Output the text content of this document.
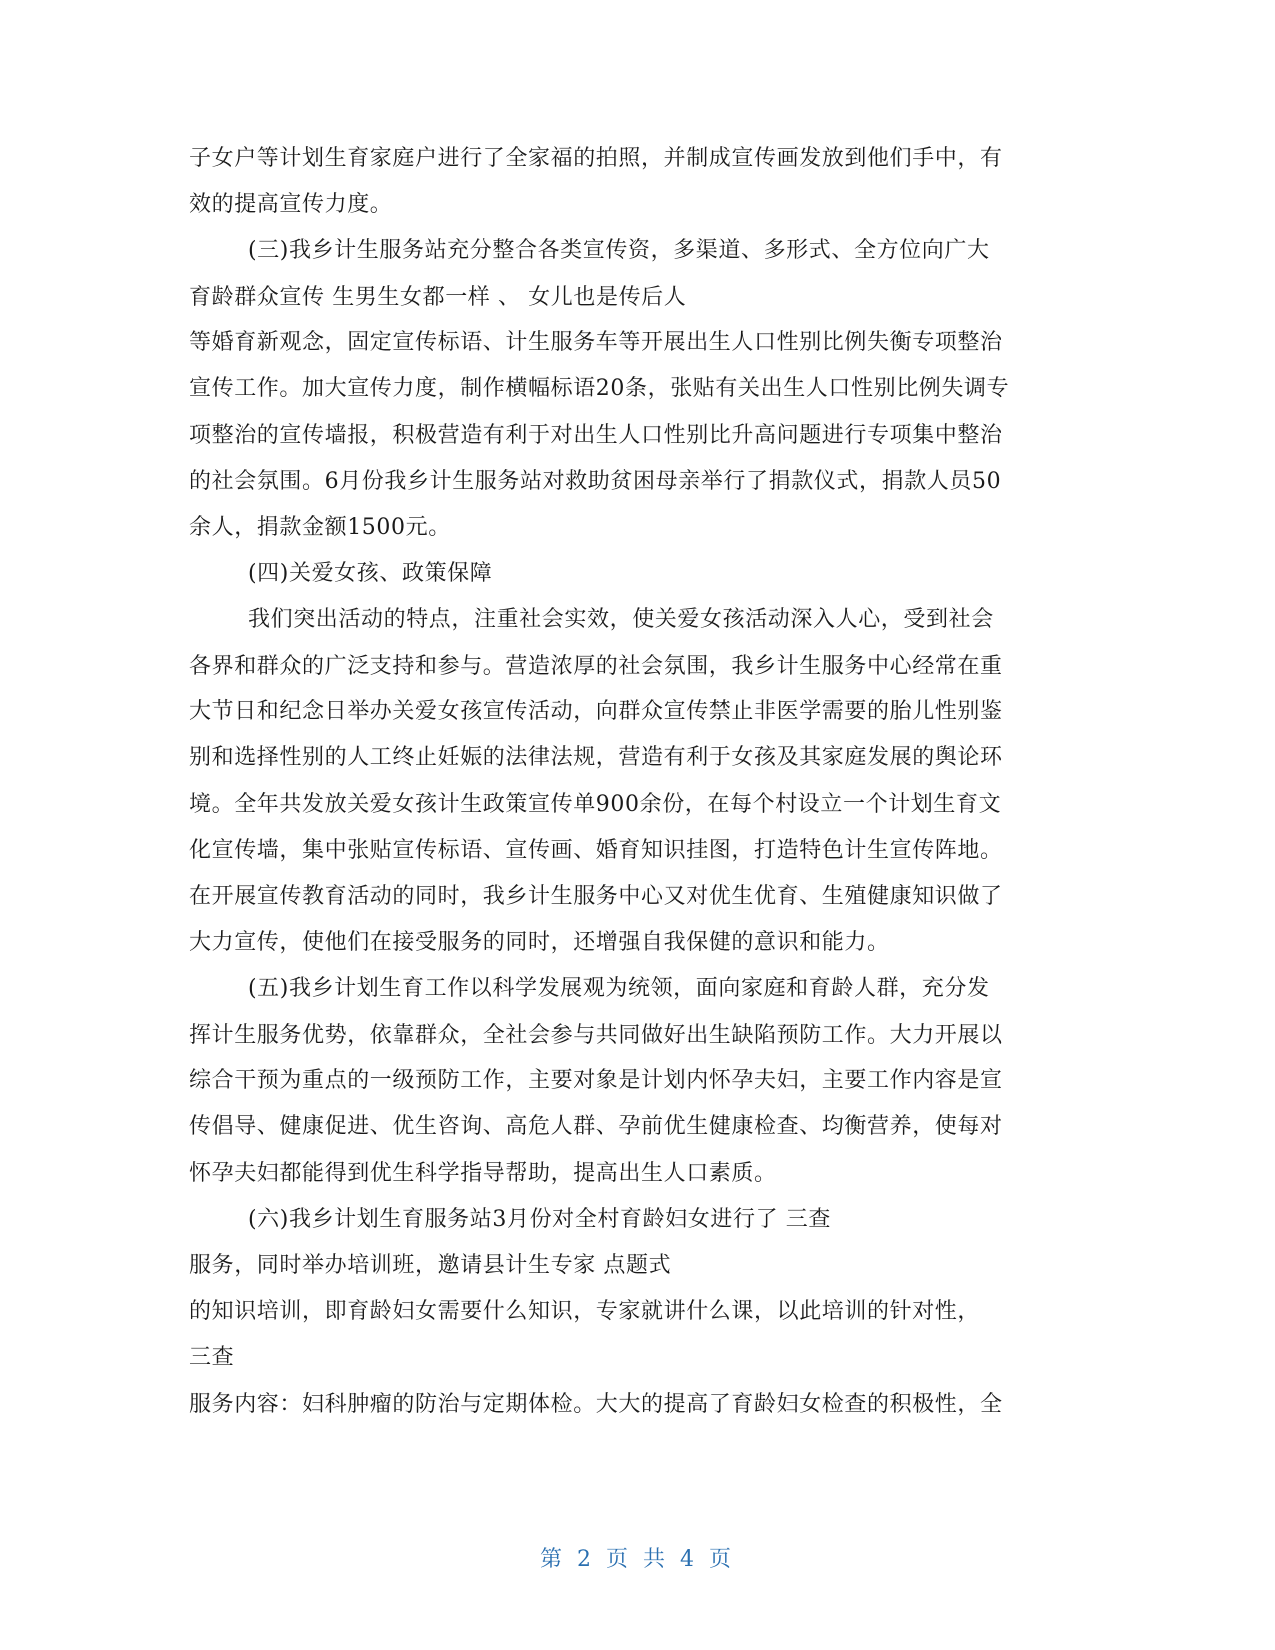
子女户等计划生育家庭户进行了全家福的拍照，并制成宣传画发放到他们手中，有
效的提高宣传力度。
(三)我乡计生服务站充分整合各类宣传资，多渠道、多形式、全方位向广大
育龄群众宣传 生男生女都一样 、 女儿也是传后人
等婚育新观念，固定宣传标语、计生服务车等开展出生人口性别比例失衡专项整治
宣传工作。加大宣传力度，制作横幅标语20条，张贴有关出生人口性别比例失调专
项整治的宣传墙报，积极营造有利于对出生人口性别比升高问题进行专项集中整治
的社会氛围。6月份我乡计生服务站对救助贫困母亲举行了捐款仪式，捐款人员50
余人，捐款金额1500元。
(四)关爱女孩、政策保障
我们突出活动的特点，注重社会实效，使关爱女孩活动深入人心，受到社会
各界和群众的广泛支持和参与。营造浓厚的社会氛围，我乡计生服务中心经常在重
大节日和纪念日举办关爱女孩宣传活动，向群众宣传禁止非医学需要的胎儿性别鉴
别和选择性别的人工终止妊娠的法律法规，营造有利于女孩及其家庭发展的舆论环
境。全年共发放关爱女孩计生政策宣传单900余份，在每个村设立一个计划生育文
化宣传墙，集中张贴宣传标语、宣传画、婚育知识挂图，打造特色计生宣传阵地。
在开展宣传教育活动的同时，我乡计生服务中心又对优生优育、生殖健康知识做了
大力宣传，使他们在接受服务的同时，还增强自我保健的意识和能力。
(五)我乡计划生育工作以科学发展观为统领，面向家庭和育龄人群，充分发
挥计生服务优势，依靠群众，全社会参与共同做好出生缺陷预防工作。大力开展以
综合干预为重点的一级预防工作，主要对象是计划内怀孕夫妇，主要工作内容是宣
传倡导、健康促进、优生咨询、高危人群、孕前优生健康检查、均衡营养，使每对
怀孕夫妇都能得到优生科学指导帮助，提高出生人口素质。
(六)我乡计划生育服务站3月份对全村育龄妇女进行了 三查
服务，同时举办培训班，邀请县计生专家 点题式
的知识培训，即育龄妇女需要什么知识，专家就讲什么课，以此培训的针对性，
三查
服务内容：妇科肿瘤的防治与定期体检。大大的提高了育龄妇女检查的积极性，全
第 2 页 共 4 页
